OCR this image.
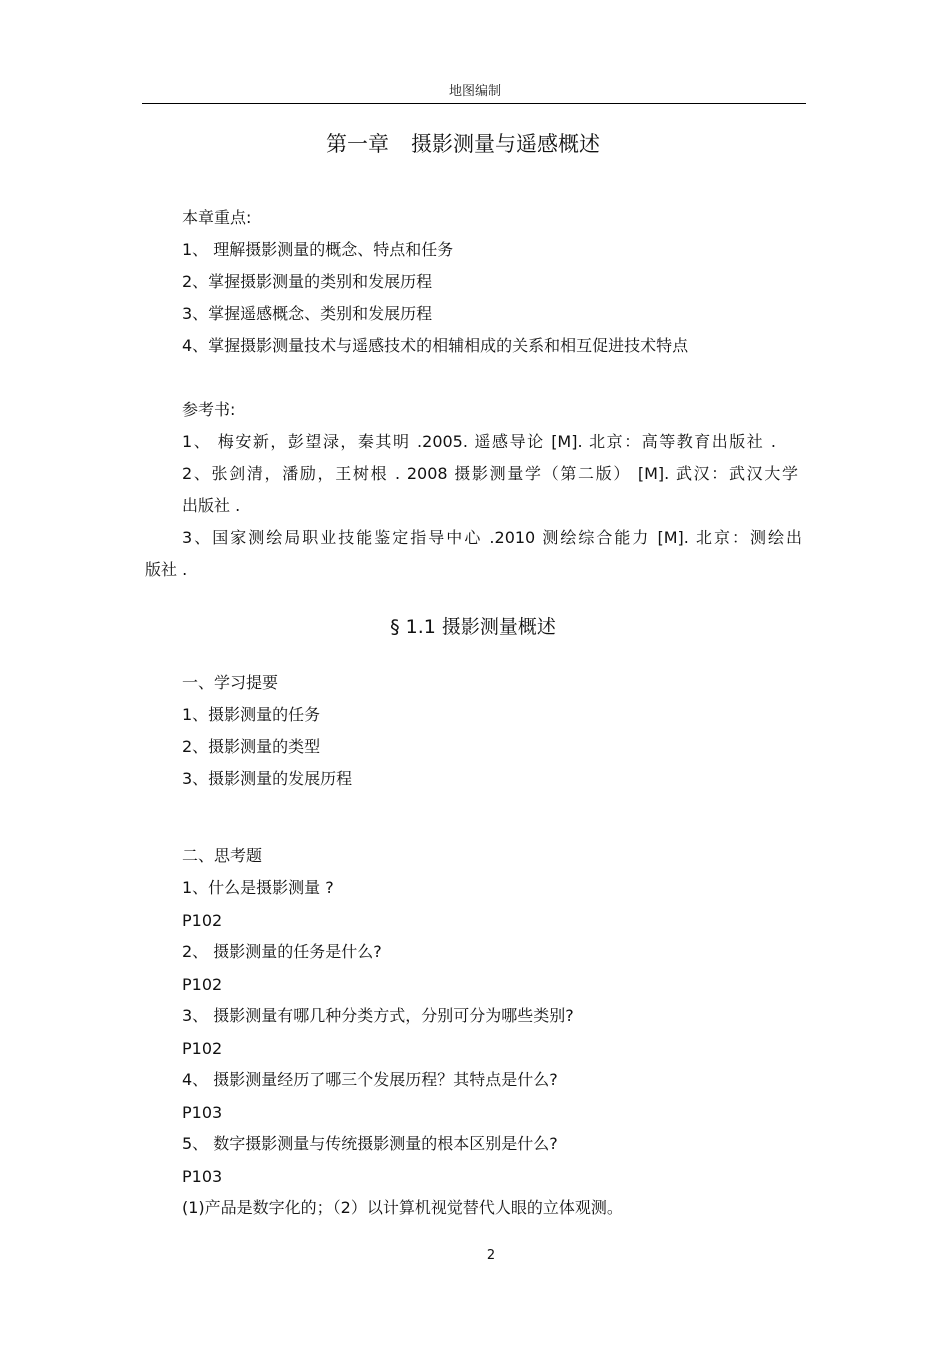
地图编制
第一章 摄影测量与遥感概述
本章重点:
1、 理解摄影测量的概念、特点和任务
2、掌握摄影测量的类别和发展历程
3、掌握遥感概念、类别和发展历程
4、掌握摄影测量技术与遥感技术的相辅相成的关系和相互促进技术特点
参考书:
1、 梅安新，彭望渌，秦其明 .2005. 遥感导论 [M]. 北京：高等教育出版社 .
2、张剑清，潘励，王树根 . 2008 摄影测量学（第二版） [M]. 武汉：武汉大学
出版社 .
3、国家测绘局职业技能鉴定指导中心 .2010 测绘综合能力 [M]. 北京：测绘出
版社 .
§ 1.1 摄影测量概述
一、学习提要
1、摄影测量的任务
2、摄影测量的类型
3、摄影测量的发展历程
二、思考题
1、什么是摄影测量 ?
P102
2、 摄影测量的任务是什么?
P102
3、 摄影测量有哪几种分类方式，分别可分为哪些类别?
P102
4、 摄影测量经历了哪三个发展历程？其特点是什么?
P103
5、 数字摄影测量与传统摄影测量的根本区别是什么?
P103
(1)产品是数字化的；（2）以计算机视觉替代人眼的立体观测。
2
